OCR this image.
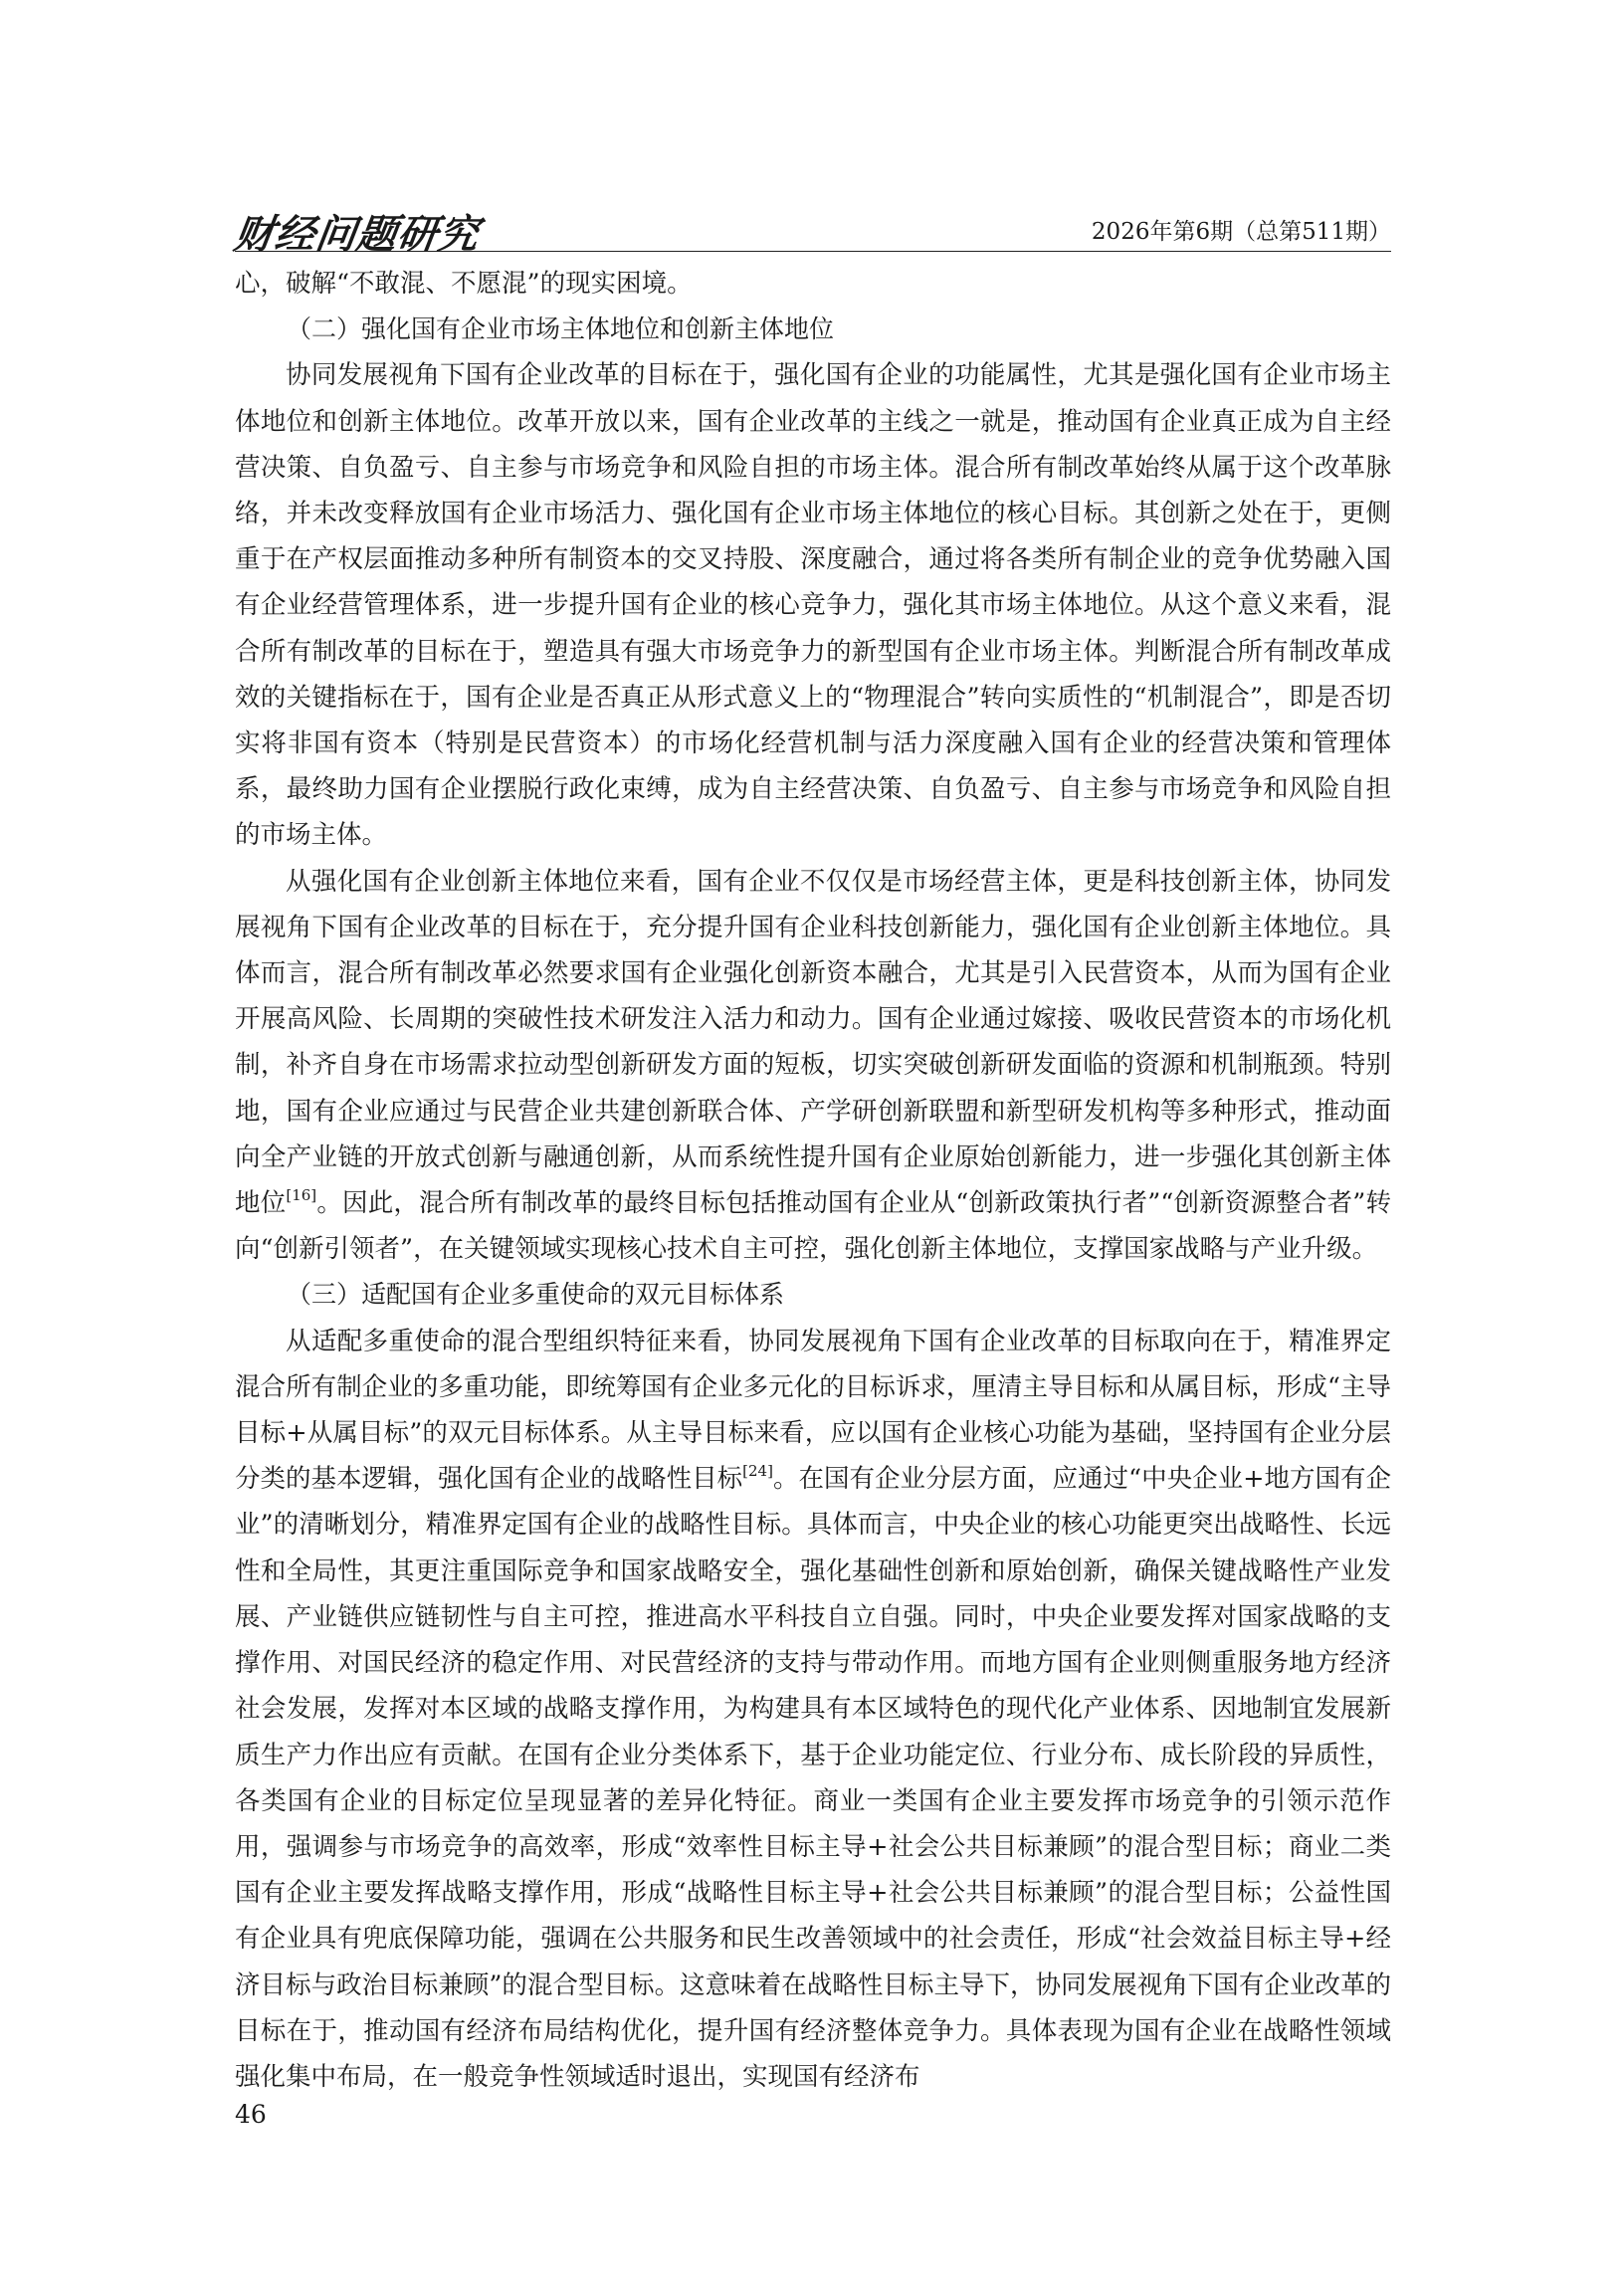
财经问题研究	2026年第6期（总第511期）

心，破解“不敢混、不愿混”的现实困境。

（二）强化国有企业市场主体地位和创新主体地位

协同发展视角下国有企业改革的目标在于，强化国有企业的功能属性，尤其是强化国有企业市场主体地位和创新主体地位。改革开放以来，国有企业改革的主线之一就是，推动国有企业真正成为自主经营决策、自负盈亏、自主参与市场竞争和风险自担的市场主体。混合所有制改革始终从属于这个改革脉络，并未改变释放国有企业市场活力、强化国有企业市场主体地位的核心目标。其创新之处在于，更侧重于在产权层面推动多种所有制资本的交叉持股、深度融合，通过将各类所有制企业的竞争优势融入国有企业经营管理体系，进一步提升国有企业的核心竞争力，强化其市场主体地位。从这个意义来看，混合所有制改革的目标在于，塑造具有强大市场竞争力的新型国有企业市场主体。判断混合所有制改革成效的关键指标在于，国有企业是否真正从形式意义上的“物理混合”转向实质性的“机制混合”，即是否切实将非国有资本（特别是民营资本）的市场化经营机制与活力深度融入国有企业的经营决策和管理体系，最终助力国有企业摆脱行政化束缚，成为自主经营决策、自负盈亏、自主参与市场竞争和风险自担的市场主体。

从强化国有企业创新主体地位来看，国有企业不仅仅是市场经营主体，更是科技创新主体，协同发展视角下国有企业改革的目标在于，充分提升国有企业科技创新能力，强化国有企业创新主体地位。具体而言，混合所有制改革必然要求国有企业强化创新资本融合，尤其是引入民营资本，从而为国有企业开展高风险、长周期的突破性技术研发注入活力和动力。国有企业通过嫁接、吸收民营资本的市场化机制，补齐自身在市场需求拉动型创新研发方面的短板，切实突破创新研发面临的资源和机制瓶颈。特别地，国有企业应通过与民营企业共建创新联合体、产学研创新联盟和新型研发机构等多种形式，推动面向全产业链的开放式创新与融通创新，从而系统性提升国有企业原始创新能力，进一步强化其创新主体地位[16]。因此，混合所有制改革的最终目标包括推动国有企业从“创新政策执行者”“创新资源整合者”转向“创新引领者”，在关键领域实现核心技术自主可控，强化创新主体地位，支撑国家战略与产业升级。

（三）适配国有企业多重使命的双元目标体系

从适配多重使命的混合型组织特征来看，协同发展视角下国有企业改革的目标取向在于，精准界定混合所有制企业的多重功能，即统筹国有企业多元化的目标诉求，厘清主导目标和从属目标，形成“主导目标+从属目标”的双元目标体系。从主导目标来看，应以国有企业核心功能为基础，坚持国有企业分层分类的基本逻辑，强化国有企业的战略性目标[24]。在国有企业分层方面，应通过“中央企业+地方国有企业”的清晰划分，精准界定国有企业的战略性目标。具体而言，中央企业的核心功能更突出战略性、长远性和全局性，其更注重国际竞争和国家战略安全，强化基础性创新和原始创新，确保关键战略性产业发展、产业链供应链韧性与自主可控，推进高水平科技自立自强。同时，中央企业要发挥对国家战略的支撑作用、对国民经济的稳定作用、对民营经济的支持与带动作用。而地方国有企业则侧重服务地方经济社会发展，发挥对本区域的战略支撑作用，为构建具有本区域特色的现代化产业体系、因地制宜发展新质生产力作出应有贡献。在国有企业分类体系下，基于企业功能定位、行业分布、成长阶段的异质性，各类国有企业的目标定位呈现显著的差异化特征。商业一类国有企业主要发挥市场竞争的引领示范作用，强调参与市场竞争的高效率，形成“效率性目标主导+社会公共目标兼顾”的混合型目标；商业二类国有企业主要发挥战略支撑作用，形成“战略性目标主导+社会公共目标兼顾”的混合型目标；公益性国有企业具有兜底保障功能，强调在公共服务和民生改善领域中的社会责任，形成“社会效益目标主导+经济目标与政治目标兼顾”的混合型目标。这意味着在战略性目标主导下，协同发展视角下国有企业改革的目标在于，推动国有经济布局结构优化，提升国有经济整体竞争力。具体表现为国有企业在战略性领域强化集中布局，在一般竞争性领域适时退出，实现国有经济布

46
